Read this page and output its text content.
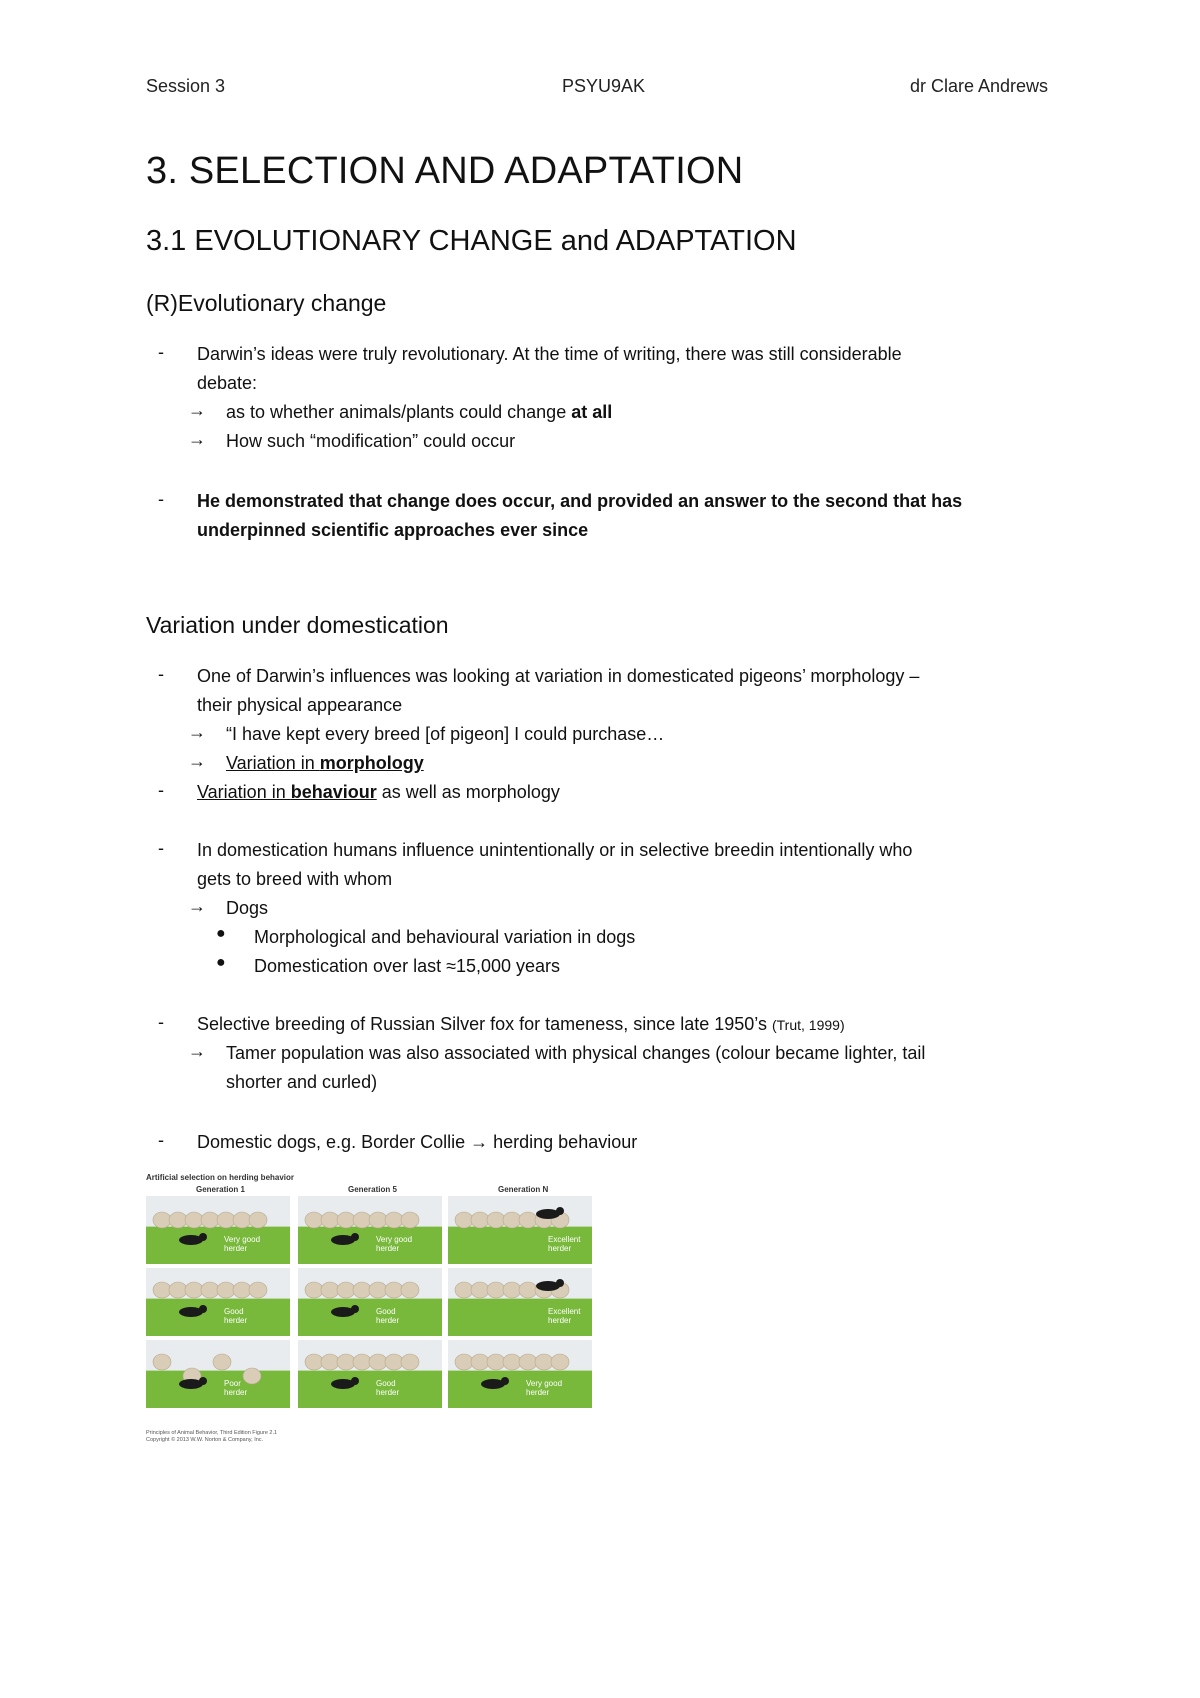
Session 3	PSYU9AK	dr Clare Andrews
3. SELECTION AND ADAPTATION
3.1 EVOLUTIONARY CHANGE and ADAPTATION
(R)Evolutionary change
- Darwin’s ideas were truly revolutionary. At the time of writing, there was still considerable
debate:
→ as to whether animals/plants could change at all
→ How such “modification” could occur
- He demonstrated that change does occur, and provided an answer to the second that has
underpinned scientific approaches ever since
Variation under domestication
- One of Darwin’s influences was looking at variation in domesticated pigeons’ morphology –
their physical appearance
→ “I have kept every breed [of pigeon] I could purchase…
→ Variation in morphology
- Variation in behaviour as well as morphology
- In domestication humans influence unintentionally or in selective breedin intentionally who
gets to breed with whom
→ Dogs
● Morphological and behavioural variation in dogs
● Domestication over last ≈15,000 years
- Selective breeding of Russian Silver fox for tameness, since late 1950’s (Trut, 1999)
→ Tamer population was also associated with physical changes (colour became lighter, tail
shorter and curled)
- Domestic dogs, e.g. Border Collie → herding behaviour
Artificial selection on herding behavior
Generation 1
Very good
herder
Good
herder
Poor
herder
Generation 5
Very good
herder
Good
herder
Good
herder
Generation N
Excellent
herder
Excellent
herder
Very good
herder
Principles of Animal Behavior, Third Edition Figure 2.1
Copyright © 2013 W.W. Norton & Company, Inc.
